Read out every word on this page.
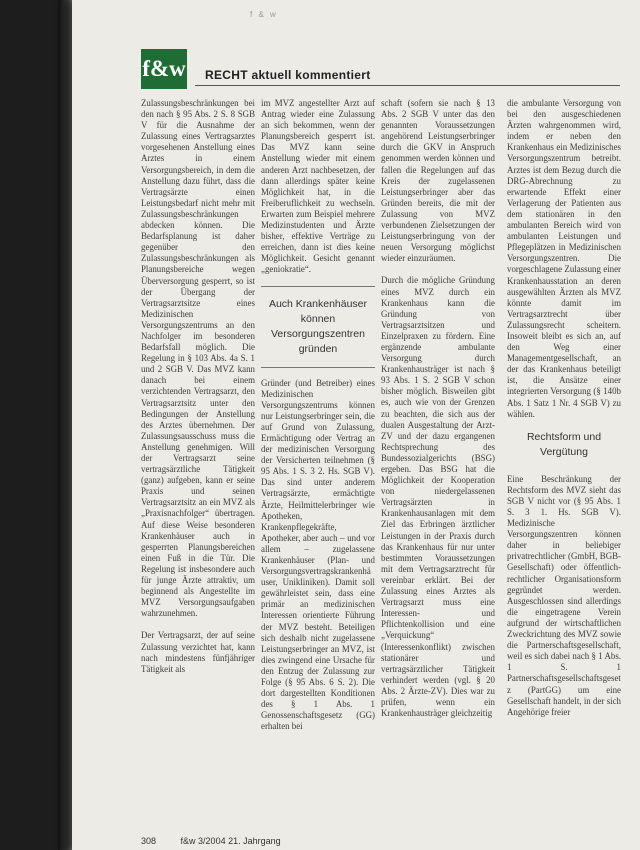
f & w
f&w RECHT aktuell kommentiert

Zulassungsbeschränkungen bei den nach § 95 Abs. 2 S. 8 SGB V für die Ausnahme der Zulassung eines Vertragsarztes vorgesehenen Anstellung eines Arztes in einem Versorgungsbereich, in dem die Anstellung dazu führt, dass die Vertragsärzte einen Leistungsbedarf nicht mehr mit Zulassungsbeschränkungen abdecken können. Die Bedarfsplanung ist daher gegenüber den Zulassungsbeschränkungen als Planungsbereiche wegen Überversorgung gesperrt, so ist der Übergang der Vertragsarztsitze eines Medizinischen Versorgungszentrums an den Nachfolger im besonderen Bedarfsfall möglich. Die Regelung in § 103 Abs. 4a S. 1 und 2 SGB V. Das MVZ kann danach bei einem verzichtenden Vertragsarzt, den Vertragsarztsitz unter den Bedingungen der Anstellung des Arztes übernehmen. Der Zulassungsausschuss muss die Anstellung genehmigen. Will der Vertragsarzt seine vertragsärztliche Tätigkeit (ganz) aufgeben, kann er seine Praxis und seinen Vertragsarztsitz an ein MVZ als „Praxisnachfolger“ übertragen. Auf diese Weise besonderen Krankenhäuser auch in gesperrten Planungsbereichen einen Fuß in die Tür. Die Regelung ist insbesondere auch für junge Ärzte attraktiv, um beginnend als Angestellte im MVZ Versorgungsaufgaben wahrzunehmen.

Der Vertragsarzt, der auf seine Zulassung verzichtet hat, kann nach mindestens fünfjähriger Tätigkeit als

im MVZ angestellter Arzt auf Antrag wieder eine Zulassung an sich bekommen, wenn der Planungsbereich gesperrt ist. Das MVZ kann seine Anstellung wieder mit einem anderen Arzt nachbesetzen, der dann allerdings später keine Möglichkeit hat, in die Freiberuflichkeit zu wechseln. Erwarten zum Beispiel mehrere Medizinstudenten und Ärzte bisher, effektive Verträge zu erreichen, dann ist dies keine Möglichkeit. Gesicht genannt „geniokratie“.

Auch Krankenhäuser können Versorgungszentren gründen

Gründer (und Betreiber) eines Medizinischen Versorgungszentrums können nur Leistungserbringer sein, die auf Grund von Zulassung, Ermächtigung oder Vertrag an der medizinischen Versorgung der Versicherten teilnehmen (§ 95 Abs. 1 S. 3 2. Hs. SGB V). Das sind unter anderem Vertragsärzte, ermächtigte Ärzte, Heilmittelerbringer wie Apotheken, Krankenpflegekräfte, Apotheker, aber auch – und vor allem – zugelassene Krankenhäuser (Plan- und Versorgungsvertragskrankenhäuser, Unikliniken). Damit soll gewährleistet sein, dass eine primär an medizinischen Interessen orientierte Führung der MVZ besteht. Beteiligen sich deshalb nicht zugelassene Leistungserbringer an MVZ, ist dies zwingend eine Ursache für den Entzug der Zulassung zur Folge (§ 95 Abs. 6 S. 2). Die dort dargestellten Konditionen des § 1 Abs. 1 Genossenschaftsgesetz (GG) erhalten bei

schaft (sofern sie nach § 13 Abs. 2 SGB V unter das den genannten Voraussetzungen angehörend Leistungserbringer durch die GKV in Anspruch genommen werden können und fallen die Regelungen auf das Kreis der zugelassenen Leistungserbringer aber das Gründen bereits, die mit der Zulassung von MVZ verbundenen Zielsetzungen der Leistungserbringung von der neuen Versorgung möglichst wieder einzuräumen.

Durch die mögliche Gründung eines MVZ durch ein Krankenhaus kann die Gründung von Vertragsarztsitzen und Einzelpraxen zu fördern. Eine ergänzende ambulante Versorgung durch Krankenhausträger ist nach § 93 Abs. 1 S. 2 SGB V schon bisher möglich. Bisweilen gibt es, auch wie von der Grenzen zu beachten, die sich aus der dualen Ausgestaltung der Arzt-ZV und der dazu ergangenen Rechtsprechung des Bundessozialgerichts (BSG) ergeben. Das BSG hat die Möglichkeit der Kooperation von niedergelassenen Vertragsärzten in Krankenhausanlagen mit dem Ziel das Erbringen ärztlicher Leistungen in der Praxis durch das Krankenhaus für nur unter bestimmten Voraussetzungen mit dem Vertragsarztrecht für vereinbar erklärt. Bei der Zulassung eines Arztes als Vertragsarzt muss eine Interessen- und Pflichtenkollision und eine „Verquickung“ (Interessenkonflikt) zwischen stationärer und vertragsärztlicher Tätigkeit verhindert werden (vgl. § 20 Abs. 2 Ärzte-ZV). Dies war zu prüfen, wenn ein Krankenhausträger gleichzeitig

die ambulante Versorgung von bei den ausgeschiedenen Ärzten wahrgenommen wird, indem er neben den Krankenhaus ein Medizinisches Versorgungszentrum betreibt. Arztes ist dem Bezug durch die DRG-Abrechnung zu erwartende Effekt einer Verlagerung der Patienten aus dem stationären in den ambulanten Bereich wird von ambulanten Leistungen und Pflegeplätzen in Medizinischen Versorgungszentren. Die vorgeschlagene Zulassung einer Krankenhausstation an deren ausgewählten Ärzten als MVZ könnte damit im Vertragsarztrecht über Zulassungsrecht scheitern. Insoweit bleibt es sich an, auf den Weg einer Managementgesellschaft, an der das Krankenhaus beteiligt ist, die Ansätze einer integrierten Versorgung (§ 140b Abs. 1 Satz 1 Nr. 4 SGB V) zu wählen.

Rechtsform und Vergütung

Eine Beschränkung der Rechtsform des MVZ sieht das SGB V nicht vor (§ 95 Abs. 1 S. 3 1. Hs. SGB V). Medizinische Versorgungszentren können daher in beliebiger privatrechtlicher (GmbH, BGB-Gesellschaft) oder öffentlich-rechtlicher Organisationsform gegründet werden. Ausgeschlossen sind allerdings die eingetragene Verein aufgrund der wirtschaftlichen Zweckrichtung des MVZ sowie die Partnerschaftsgesellschaft, weil es sich dabei nach § 1 Abs. 1 S. 1 Partnerschaftsgesellschaftsgesetz (PartGG) um eine Gesellschaft handelt, in der sich Angehörige freier

308	f&w 3/2004 21. Jahrgang
